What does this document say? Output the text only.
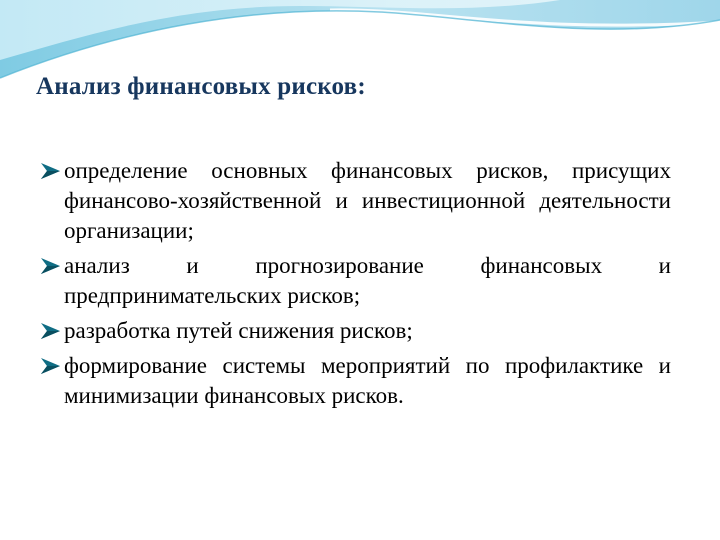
Анализ финансовых рисков:
определение основных финансовых рисков, присущих финансово-хозяйственной и инвестиционной деятельности организации;
анализ и прогнозирование финансовых и предпринимательских рисков;
разработка путей снижения рисков;
формирование системы мероприятий по профилактике и минимизации финансовых рисков.
